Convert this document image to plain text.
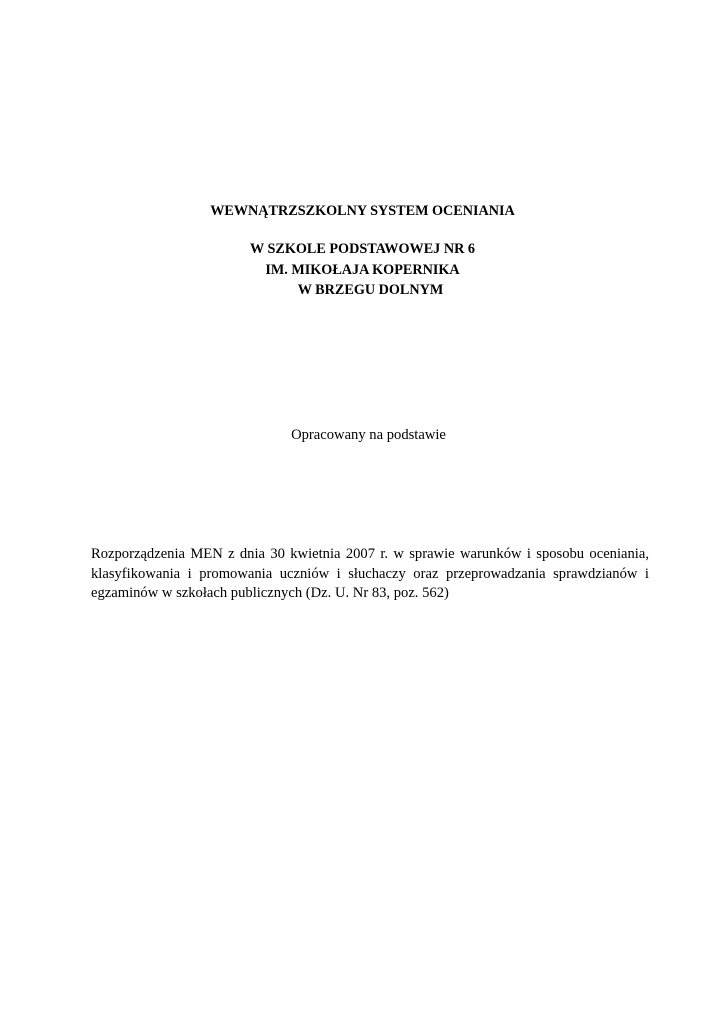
WEWNĄTRZSZKOLNY SYSTEM OCENIANIA
W SZKOLE PODSTAWOWEJ NR 6
IM. MIKOŁAJA KOPERNIKA
W BRZEGU DOLNYM
Opracowany na podstawie
Rozporządzenia MEN z dnia 30 kwietnia 2007 r. w sprawie warunków i sposobu oceniania, klasyfikowania i promowania uczniów i słuchaczy oraz przeprowadzania sprawdzianów i egzaminów w szkołach publicznych (Dz. U. Nr 83, poz. 562)
